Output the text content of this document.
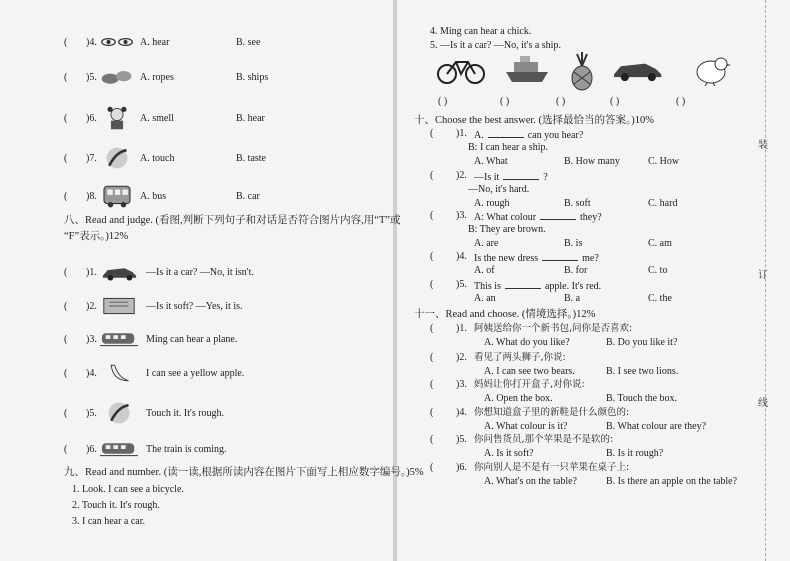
( )4.	A. hear	B. see
( )5.	A. ropes	B. ships
( )6.	A. smell	B. hear
( )7.	A. touch	B. taste
( )8.	A. bus	B. car
八、Read and judge. (看图,判断下列句子和对话是否符合图片内容,用“T”或
“F”表示。)12%
( )1.	—Is it a car? —No, it isn't.
( )2.	—Is it soft? —Yes, it is.
( )3.	Ming can hear a plane.
( )4.	I can see a yellow apple.
( )5.	Touch it. It's rough.
( )6.	The train is coming.
九、Read and number. (读一读,根据所读内容在图片下面写上相应数字编号。)5%
1. Look. I can see a bicycle.
2. Touch it. It's rough.
3. I can hear a car.
4. Ming can hear a chick.
5. —Is it a car? —No, it's a ship.
( )	( )	( )	( )	( )
十、Choose the best answer. (选择最恰当的答案。)10%
( )1. A.	can you hear?
B: I can hear a ship.
A. What	B. How many	C. How
( )2. —Is it	?
—No, it's hard.
A. rough	B. soft	C. hard
( )3. A: What colour	they?
B: They are brown.
A. are	B. is	C. am
( )4. Is the new dress	me?
A. of	B. for	C. to
( )5. This is	apple. It's red.
A. an	B. a	C. the
十一、Read and choose. (情境选择。)12%
( )1. 阿姨送给你一个新书包,问你是否喜欢:
A. What do you like?	B. Do you like it?
( )2. 看见了两头狮子,你说:
A. I can see two bears.	B. I see two lions.
( )3. 妈妈让你打开盒子,对你说:
A. Open the box.	B. Touch the box.
( )4. 你想知道盒子里的新鞋是什么颜色的:
A. What colour is it?	B. What colour are they?
( )5. 你问售货员,那个苹果是不是软的:
A. Is it soft?	B. Is it rough?
( )6. 你向别人是不是有一只苹果在桌子上:
A. What's on the table?	B. Is there an apple on the table?
装
订
线
